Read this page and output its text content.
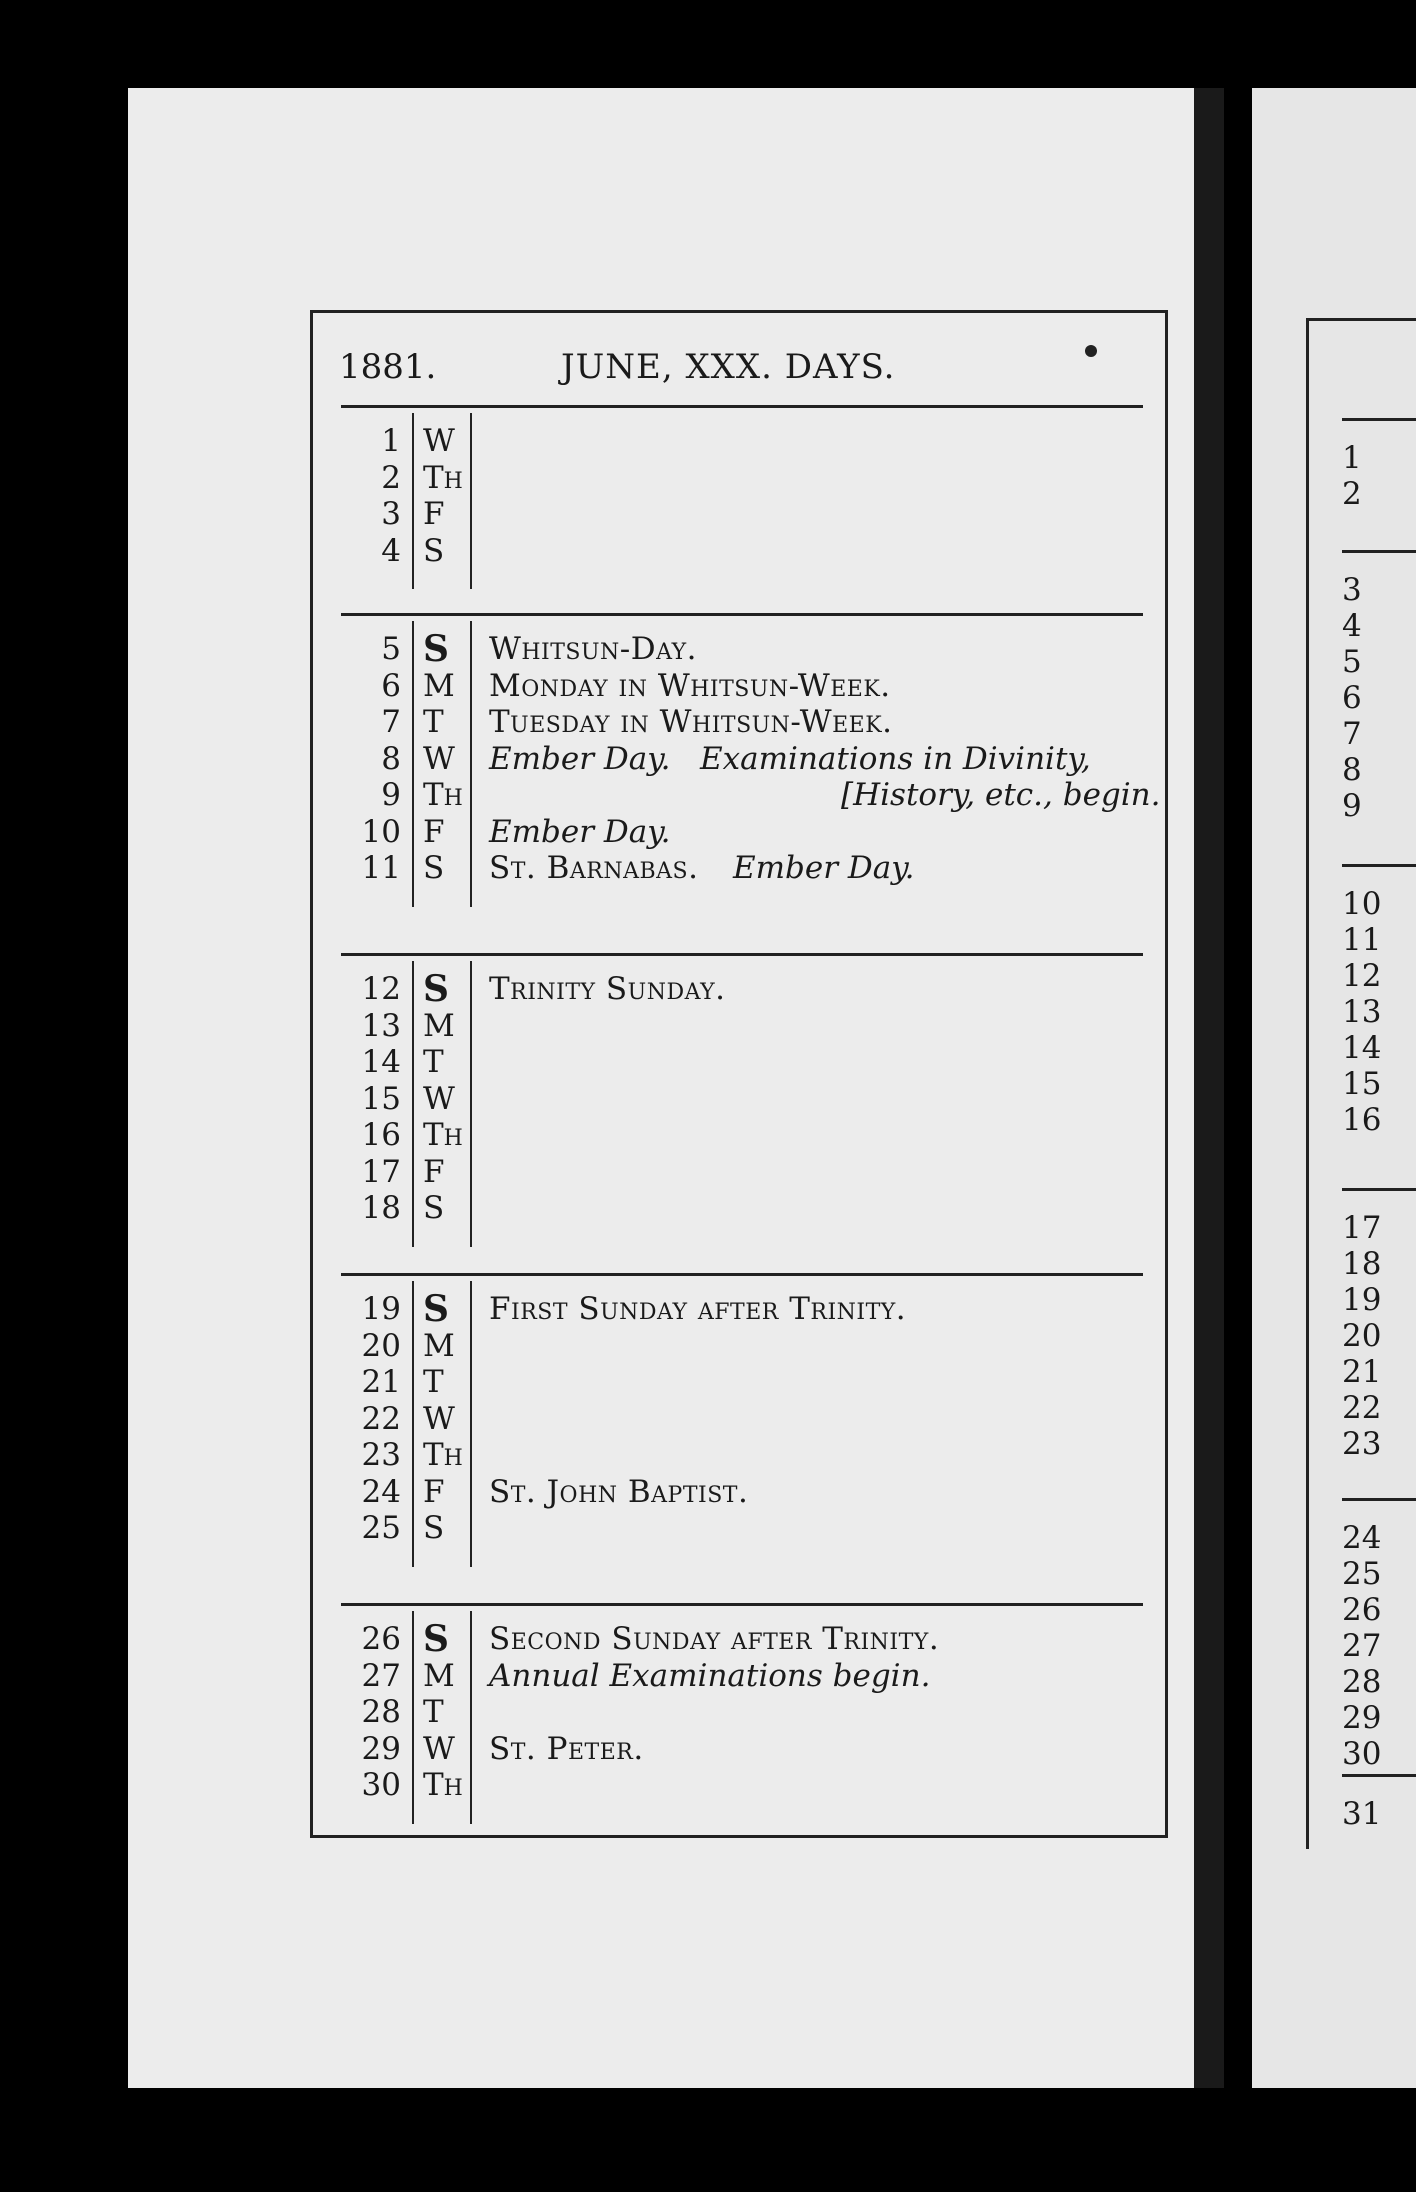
1
2
3
4
5
6
7
8
9
10
11
12
13
14
15
16
17
18
19
20
21
22
23
24
25
26
27
28
29
30
31
1881.	JUNE, XXX. DAYS.
1 W
2 Th
3 F
4 S
5 S	Whitsun-Day.
6 M	Monday in Whitsun-Week.
7 T	Tuesday in Whitsun-Week.
8 W	Ember Day.   Examinations in Divinity,
9 Th	[History, etc., begin.
10 F	Ember Day.
11 S	St. Barnabas. Ember Day.
12 S	Trinity Sunday.
13 M
14 T
15 W
16 Th
17 F
18 S
19 S	First Sunday after Trinity.
20 M
21 T
22 W
23 Th
24 F	St. John Baptist.
25 S
26 S	Second Sunday after Trinity.
27 M	Annual Examinations begin.
28 T
29 W	St. Peter.
30 Th
